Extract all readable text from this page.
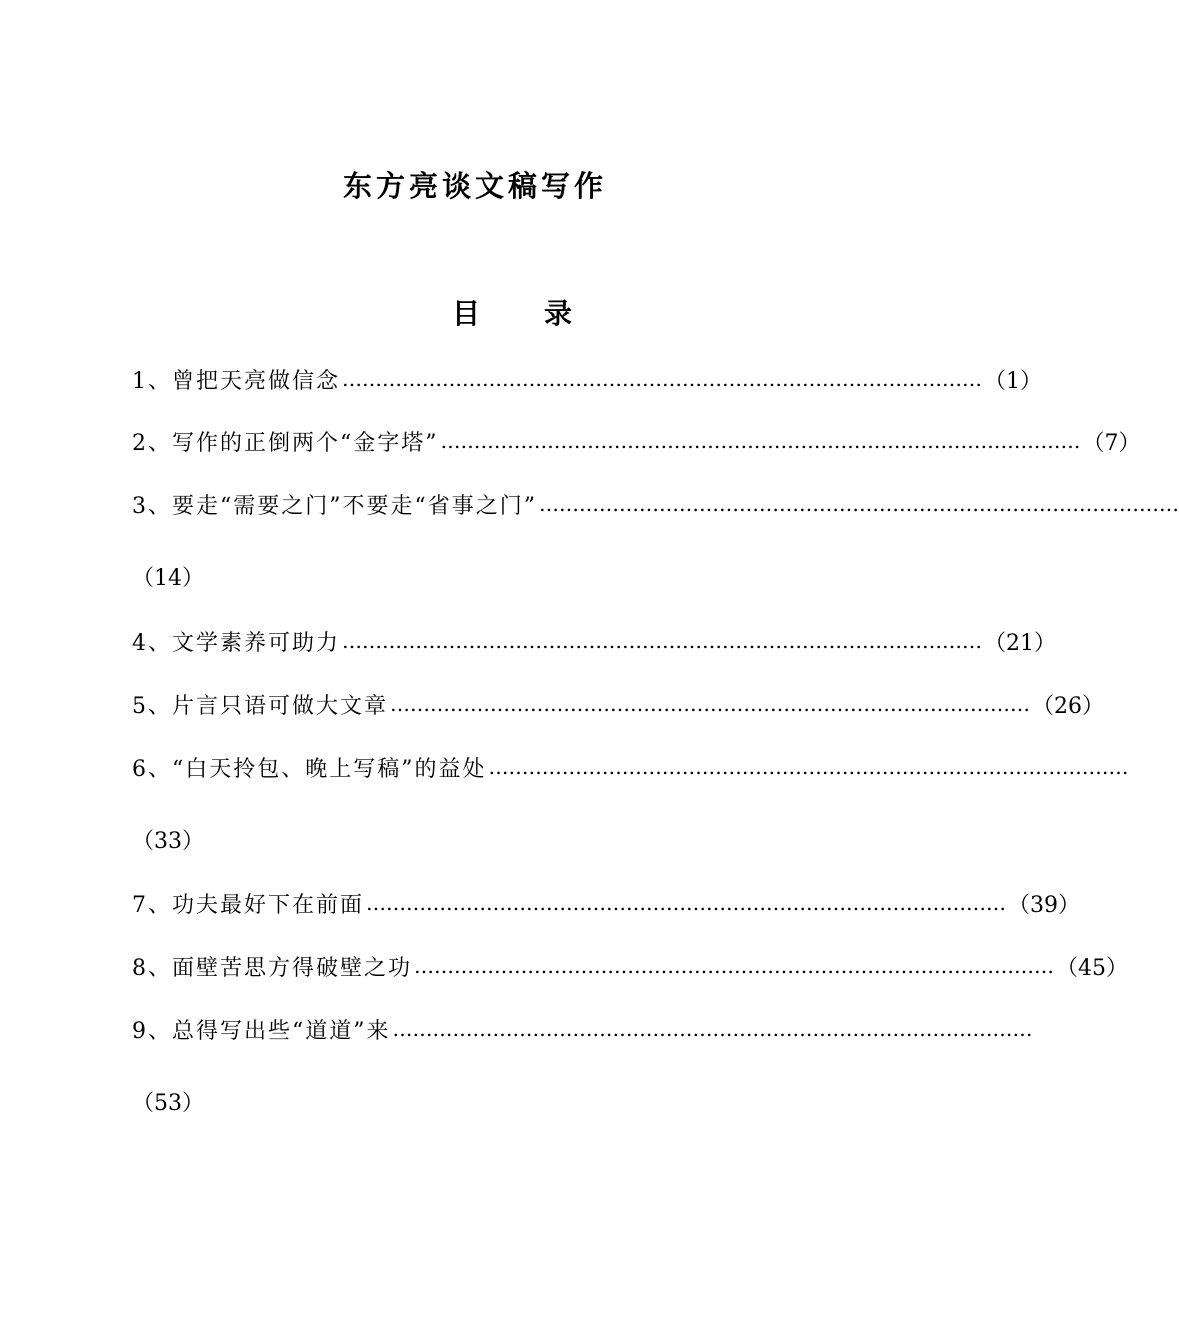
东方亮谈文稿写作
目 录
1、曾把天亮做信念 …………………………………………………………………………………… （1）
2、写作的正倒两个“金字塔” …………………………………………………………………………………… （7）
3、要走“需要之门”不要走“省事之门” ……………………………………………………………………………………
（14）
4、文学素养可助力 …………………………………………………………………………………… （21）
5、片言只语可做大文章 …………………………………………………………………………………… （26）
6、“白天拎包、晚上写稿”的益处 ……………………………………………………………………………………
（33）
7、功夫最好下在前面 …………………………………………………………………………………… （39）
8、面壁苦思方得破壁之功 …………………………………………………………………………………… （45）
9、总得写出些“道道”来 ……………………………………………………………………………………
（53）
